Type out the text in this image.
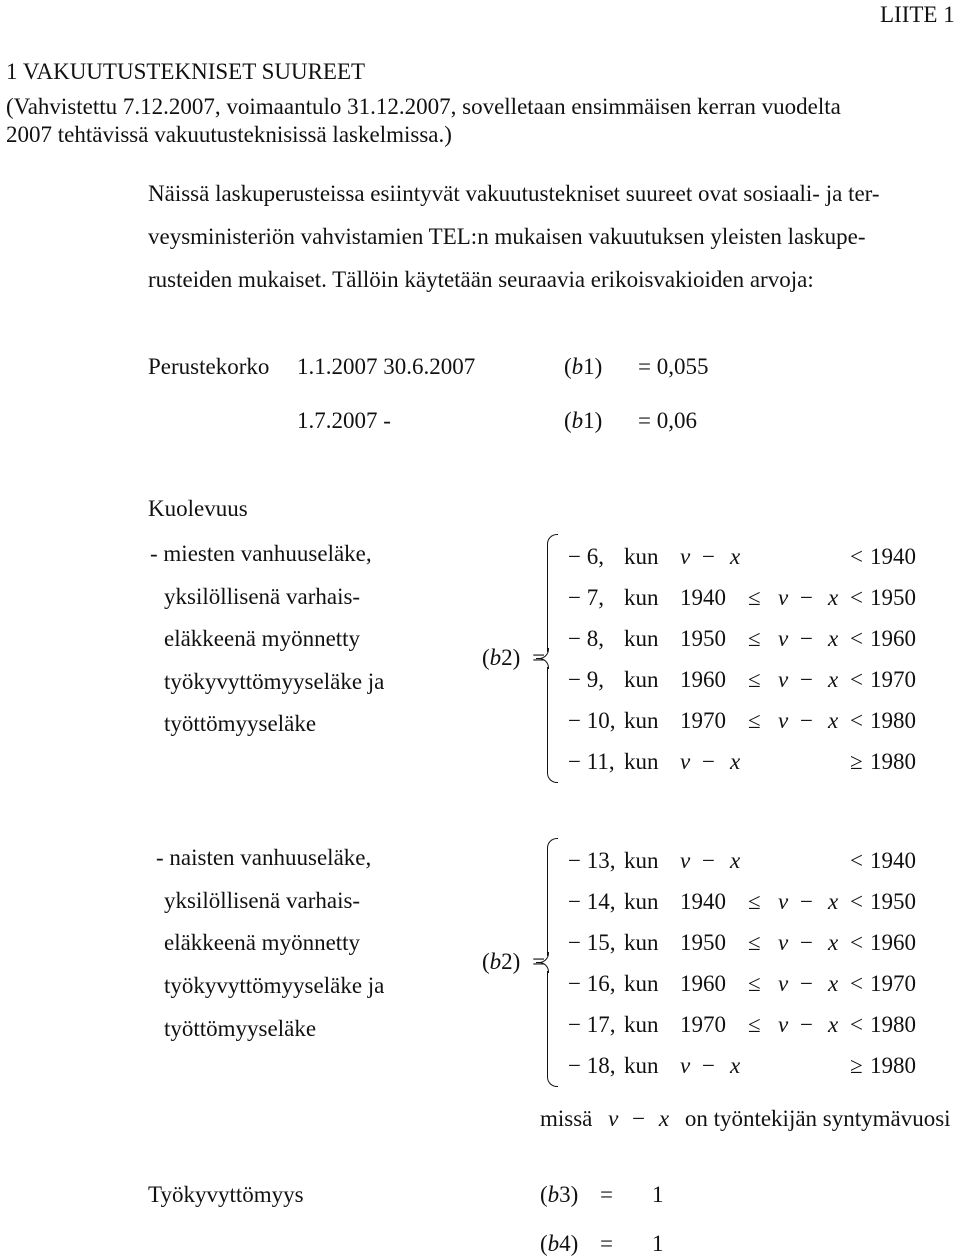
LIITE 1
1 VAKUUTUSTEKNISET SUUREET
(Vahvistettu 7.12.2007, voimaantulo 31.12.2007, sovelletaan ensimmäisen kerran vuodelta
2007 tehtävissä vakuutusteknisissä laskelmissa.)
Näissä laskuperusteissa esiintyvät vakuutustekniset suureet ovat sosiaali- ja ter-
veysministeriön vahvistamien TEL:n mukaisen vakuutuksen yleisten laskupe-
rusteiden mukaiset. Tällöin käytetään seuraavia erikoisvakioiden arvoja:
Perustekorko 1.1.2007 30.6.2007	(b1) = 0,055
1.7.2007 -	(b1) = 0,06
Kuolevuus
- miesten vanhuuseläke,
yksilöllisenä varhais-
eläkkeenä myönnetty
työkyvyttömyyseläke ja
työttömyyseläke
(b2) =
− 6, kun v − x	< 1940
− 7, kun 1940 ≤ v − x < 1950
− 8, kun 1950 ≤ v − x < 1960
− 9, kun 1960 ≤ v − x < 1970
− 10, kun 1970 ≤ v − x < 1980
− 11, kun v − x	≥ 1980
- naisten vanhuuseläke,
yksilöllisenä varhais-
eläkkeenä myönnetty
työkyvyttömyyseläke ja
työttömyyseläke
(b2) =
− 13, kun v − x	< 1940
− 14, kun 1940 ≤ v − x < 1950
− 15, kun 1950 ≤ v − x < 1960
− 16, kun 1960 ≤ v − x < 1970
− 17, kun 1970 ≤ v − x < 1980
− 18, kun v − x	≥ 1980
missä v − x on työntekijän syntymävuosi
Työkyvyttömyys	(b3) = 1
(b4) = 1
